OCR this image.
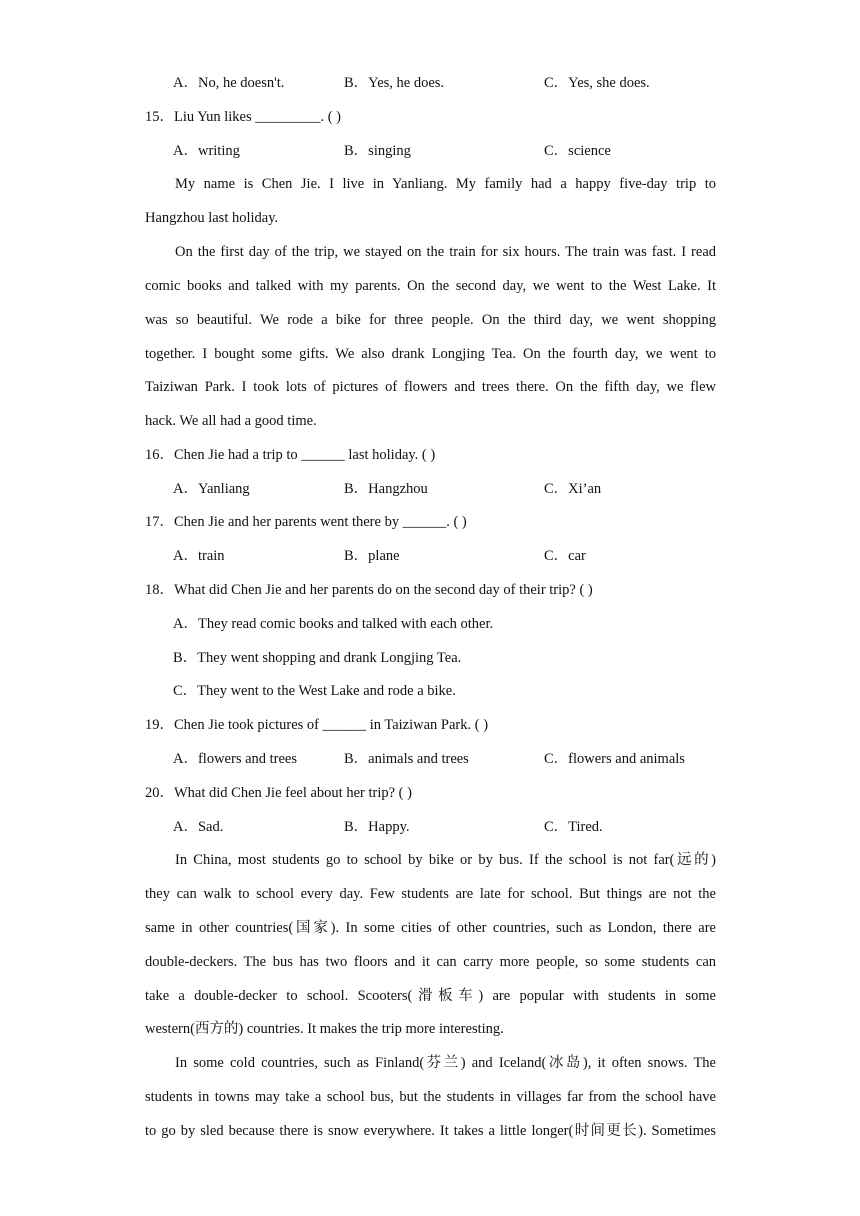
A．No, he doesn't.	B．Yes, he does.	C．Yes, she does.
15．Liu Yun likes _________. ( )
A．writing	B．singing	C．science
My name is Chen Jie. I live in Yanliang. My family had a happy five-day trip to
Hangzhou last holiday.
On the first day of the trip, we stayed on the train for six hours. The train was fast. I read
comic books and talked with my parents. On the second day, we went to the West Lake. It
was so beautiful. We rode a bike for three people. On the third day, we went shopping
together. I bought some gifts. We also drank Longjing Tea. On the fourth day, we went to
Taiziwan Park. I took lots of pictures of flowers and trees there. On the fifth day, we flew
hack. We all had a good time.
16．Chen Jie had a trip to ______ last holiday. ( )
A．Yanliang	B．Hangzhou	C．Xi’an
17．Chen Jie and her parents went there by ______. ( )
A．train	B．plane	C．car
18．What did Chen Jie and her parents do on the second day of their trip? ( )
A．They read comic books and talked with each other.
B．They went shopping and drank Longjing Tea.
C．They went to the West Lake and rode a bike.
19．Chen Jie took pictures of ______ in Taiziwan Park. ( )
A．flowers and trees	B．animals and trees	C．flowers and animals
20．What did Chen Jie feel about her trip? ( )
A．Sad.	B．Happy.	C．Tired.
In China, most students go to school by bike or by bus. If the school is not far(远的)
they can walk to school every day. Few students are late for school. But things are not the
same in other countries(国家). In some cities of other countries, such as London, there are
double-deckers. The bus has two floors and it can carry more people, so some students can
take a double-decker to school. Scooters(滑板车) are popular with students in some
western(西方的) countries. It makes the trip more interesting.
In some cold countries, such as Finland(芬兰) and Iceland(冰岛), it often snows. The
students in towns may take a school bus, but the students in villages far from the school have
to go by sled because there is snow everywhere. It takes a little longer(时间更长). Sometimes
